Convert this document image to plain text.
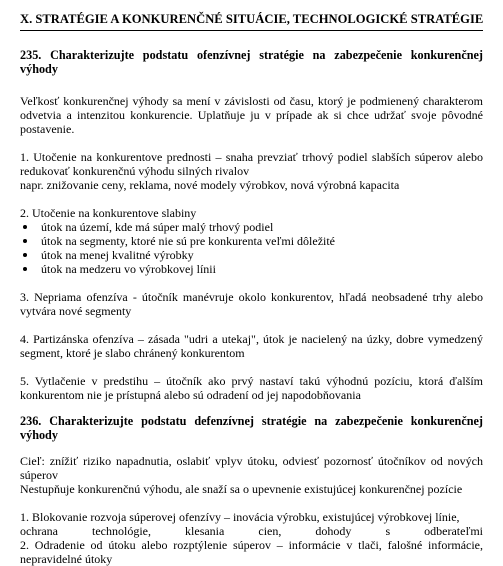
X. STRATÉGIE A KONKURENČNÉ SITUÁCIE, TECHNOLOGICKÉ STRATÉGIE
235. Charakterizujte podstatu ofenzívnej stratégie na zabezpečenie konkurenčnej výhody
Veľkosť konkurenčnej výhody sa mení v závislosti od času, ktorý je podmienený charakterom odvetvia a intenzitou konkurencie. Uplatňuje ju v prípade ak si chce udržať svoje pôvodné postavenie.
1. Utočenie na konkurentove prednosti – snaha prevziať trhový podiel slabších súperov alebo redukovať konkurenčnú výhodu silných rivalov
napr. znižovanie ceny, reklama, nové modely výrobkov, nová výrobná kapacita
2. Utočenie na konkurentove slabiny
útok na území, kde má súper malý trhový podiel
útok na segmenty, ktoré nie sú pre konkurenta veľmi dôležité
útok na menej kvalitné výrobky
útok na medzeru vo výrobkovej línii
3. Nepriama ofenzíva - útočník manévruje okolo konkurentov, hľadá neobsadené trhy alebo vytvára nové segmenty
4. Partizánska ofenzíva – zásada "udri a utekaj", útok je nacielený na úzky, dobre vymedzený segment, ktoré je slabo chránený konkurentom
5. Vytlačenie v predstihu – útočník ako prvý nastaví takú výhodnú pozíciu, ktorá ďalším konkurentom nie je prístupná alebo sú odradení od jej napodobňovania
236. Charakterizujte podstatu defenzívnej stratégie na zabezpečenie konkurenčnej výhody
Cieľ: znížiť riziko napadnutia, oslabiť vplyv útoku, odviesť pozornosť útočníkov od nových súperov
Nestupňuje konkurenčnú výhodu, ale snaží sa o upevnenie existujúcej konkurenčnej pozície
1. Blokovanie rozvoja súperovej ofenzívy – inovácia výrobku, existujúcej výrobkovej línie,
ochrana technológie, klesania cien, dohody s odberateľmi
2. Odradenie od útoku alebo rozptýlenie súperov – informácie v tlači, falošné informácie, nepravidelné útoky
